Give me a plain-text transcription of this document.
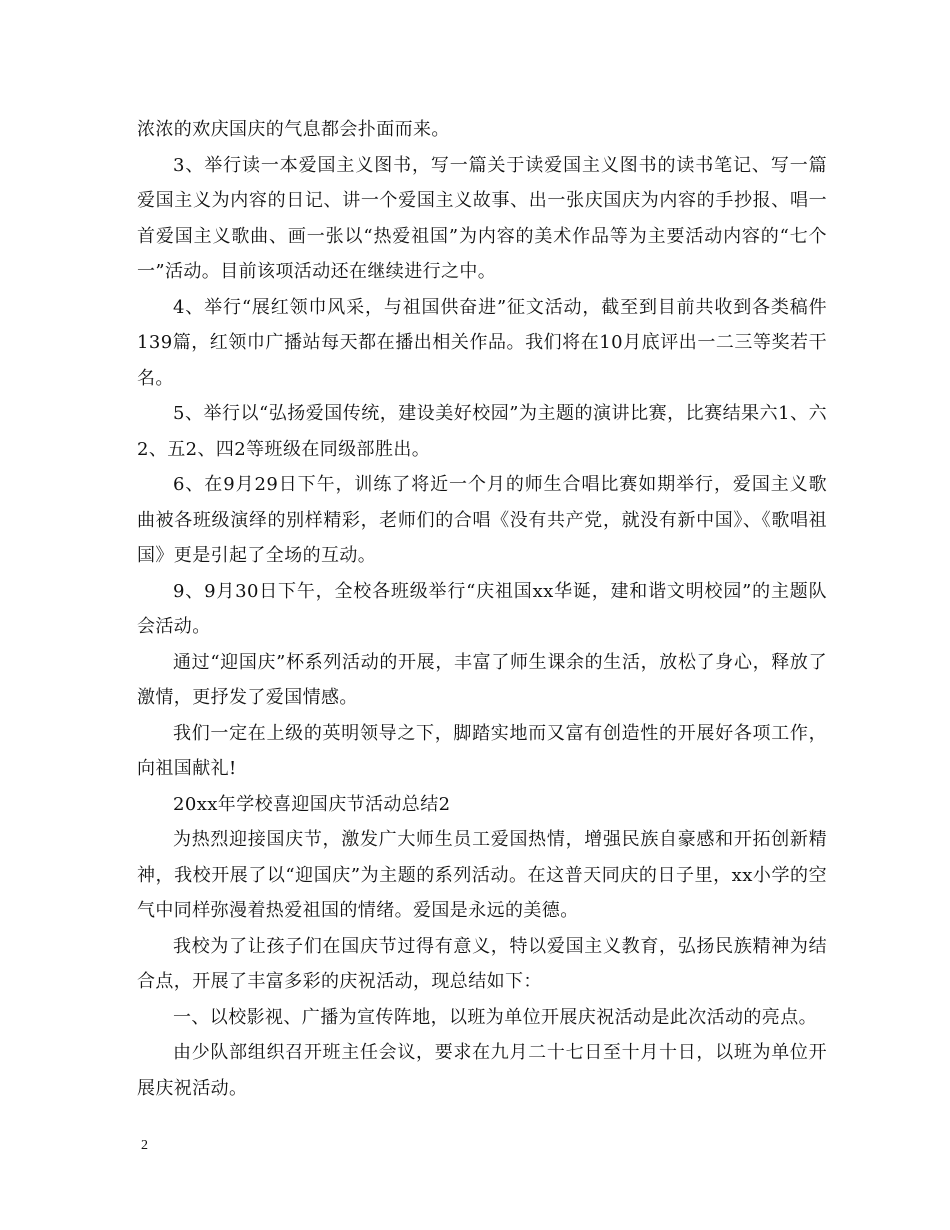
浓浓的欢庆国庆的气息都会扑面而来。

3、举行读一本爱国主义图书，写一篇关于读爱国主义图书的读书笔记、写一篇爱国主义为内容的日记、讲一个爱国主义故事、出一张庆国庆为内容的手抄报、唱一首爱国主义歌曲、画一张以“热爱祖国”为内容的美术作品等为主要活动内容的“七个一”活动。目前该项活动还在继续进行之中。

4、举行“展红领巾风采，与祖国供奋进”征文活动，截至到目前共收到各类稿件139篇，红领巾广播站每天都在播出相关作品。我们将在10月底评出一二三等奖若干名。

5、举行以“弘扬爱国传统，建设美好校园”为主题的演讲比赛，比赛结果六1、六2、五2、四2等班级在同级部胜出。

6、在9月29日下午，训练了将近一个月的师生合唱比赛如期举行，爱国主义歌曲被各班级演绎的别样精彩，老师们的合唱《没有共产党，就没有新中国》、《歌唱祖国》更是引起了全场的互动。

9、9月30日下午，全校各班级举行“庆祖国xx华诞，建和谐文明校园”的主题队会活动。

通过“迎国庆”杯系列活动的开展，丰富了师生课余的生活，放松了身心，释放了激情，更抒发了爱国情感。

我们一定在上级的英明领导之下，脚踏实地而又富有创造性的开展好各项工作，向祖国献礼!

20xx年学校喜迎国庆节活动总结2

为热烈迎接国庆节，激发广大师生员工爱国热情，增强民族自豪感和开拓创新精神，我校开展了以“迎国庆”为主题的系列活动。在这普天同庆的日子里，xx小学的空气中同样弥漫着热爱祖国的情绪。爱国是永远的美德。

我校为了让孩子们在国庆节过得有意义，特以爱国主义教育，弘扬民族精神为结合点，开展了丰富多彩的庆祝活动，现总结如下：

一、以校影视、广播为宣传阵地，以班为单位开展庆祝活动是此次活动的亮点。

由少队部组织召开班主任会议，要求在九月二十七日至十月十日，以班为单位开展庆祝活动。

2
